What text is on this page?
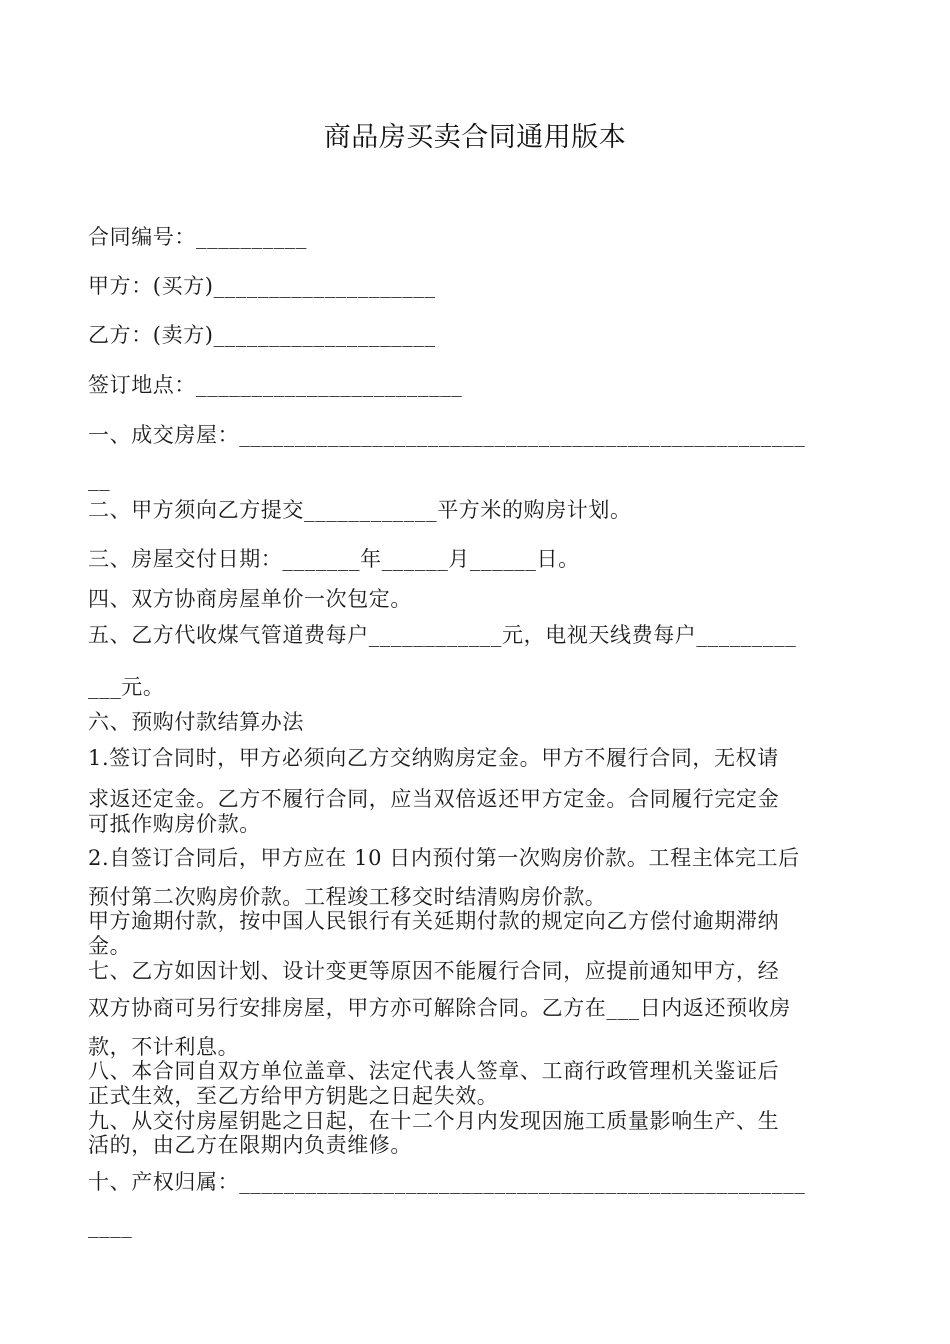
商品房买卖合同通用版本
合同编号：__________
甲方：(买方)____________________
乙方：(卖方)____________________
签订地点：________________________
一、成交房屋：___________________________________________________
__
二、甲方须向乙方提交____________平方米的购房计划。
三、房屋交付日期：_______年______月______日。
四、双方协商房屋单价一次包定。
五、乙方代收煤气管道费每户____________元，电视天线费每户_________
___元。
六、预购付款结算办法
1.签订合同时，甲方必须向乙方交纳购房定金。甲方不履行合同，无权请
求返还定金。乙方不履行合同，应当双倍返还甲方定金。合同履行完定金
可抵作购房价款。
2.自签订合同后，甲方应在 10 日内预付第一次购房价款。工程主体完工后
预付第二次购房价款。工程竣工移交时结清购房价款。
甲方逾期付款，按中国人民银行有关延期付款的规定向乙方偿付逾期滞纳
金。
七、乙方如因计划、设计变更等原因不能履行合同，应提前通知甲方，经
双方协商可另行安排房屋，甲方亦可解除合同。乙方在___日内返还预收房
款，不计利息。
八、本合同自双方单位盖章、法定代表人签章、工商行政管理机关鉴证后
正式生效，至乙方给甲方钥匙之日起失效。
九、从交付房屋钥匙之日起，在十二个月内发现因施工质量影响生产、生
活的，由乙方在限期内负责维修。
十、产权归属：___________________________________________________
____
